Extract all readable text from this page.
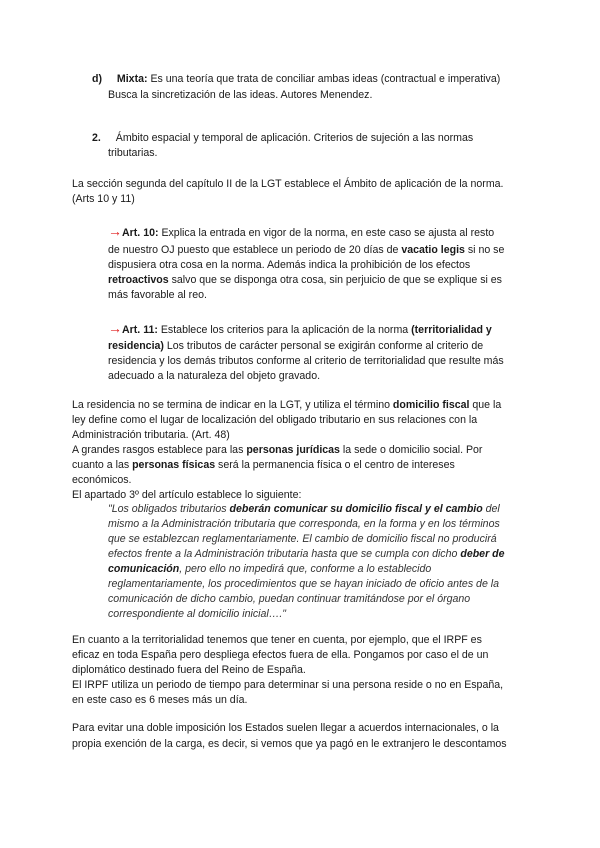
d) Mixta: Es una teoría que trata de conciliar ambas ideas (contractual e imperativa)

Busca la sincretización de las ideas. Autores Menendez.

2. Ámbito espacial y temporal de aplicación. Criterios de sujeción a las normas

tributarias.

La sección segunda del capítulo II de la LGT establece el Ámbito de aplicación de la norma.

(Arts 10 y 11)

→Art. 10: Explica la entrada en vigor de la norma, en este caso se ajusta al resto

de nuestro OJ puesto que establece un periodo de 20 días de vacatio legis si no se

dispusiera otra cosa en la norma. Además indica la prohibición de los efectos

retroactivos salvo que se disponga otra cosa, sin perjuicio de que se explique si es

más favorable al reo.

→Art. 11: Establece los criterios para la aplicación de la norma (territorialidad y

residencia) Los tributos de carácter personal se exigirán conforme al criterio de

residencia y los demás tributos conforme al criterio de territorialidad que resulte más

adecuado a la naturaleza del objeto gravado.

La residencia no se termina de indicar en la LGT, y utiliza el término domicilio fiscal que la

ley define como el lugar de localización del obligado tributario en sus relaciones con la

Administración tributaria. (Art. 48)

A grandes rasgos establece para las personas jurídicas la sede o domicilio social. Por

cuanto a las personas físicas será la permanencia física o el centro de intereses

económicos.

El apartado 3º del artículo establece lo siguiente:

"Los obligados tributarios deberán comunicar su domicilio fiscal y el cambio del

mismo a la Administración tributaria que corresponda, en la forma y en los términos

que se establezcan reglamentariamente. El cambio de domicilio fiscal no producirá

efectos frente a la Administración tributaria hasta que se cumpla con dicho deber de

comunicación, pero ello no impedirá que, conforme a lo establecido

reglamentariamente, los procedimientos que se hayan iniciado de oficio antes de la

comunicación de dicho cambio, puedan continuar tramitándose por el órgano

correspondiente al domicilio inicial…."

En cuanto a la territorialidad tenemos que tener en cuenta, por ejemplo, que el IRPF es

eficaz en toda España pero despliega efectos fuera de ella. Pongamos por caso el de un

diplomático destinado fuera del Reino de España.

El IRPF utiliza un periodo de tiempo para determinar si una persona reside o no en España,

en este caso es 6 meses más un día.

Para evitar una doble imposición los Estados suelen llegar a acuerdos internacionales, o la

propia exención de la carga, es decir, si vemos que ya pagó en le extranjero le descontamos
